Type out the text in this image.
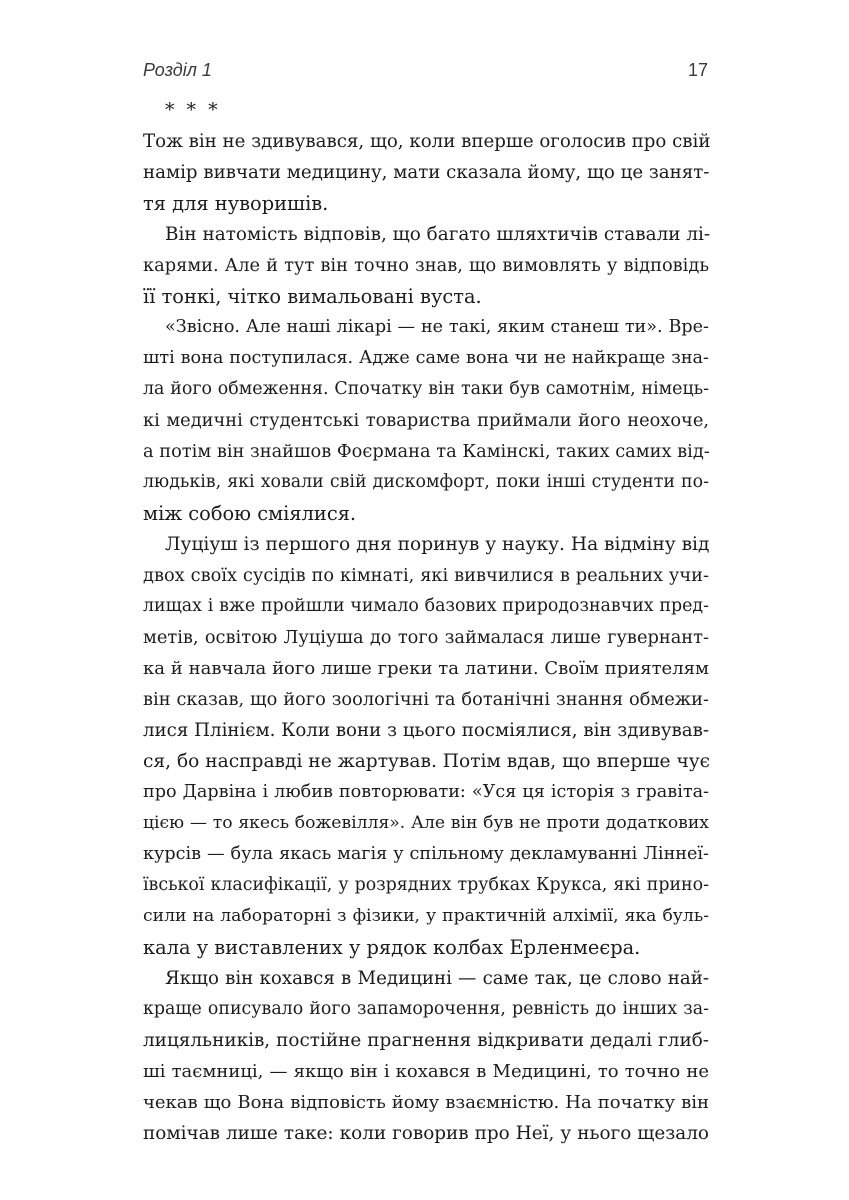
Розділ 1	17
* * *
Тож він не здивувався, що, коли вперше оголосив про свій
намір вивчати медицину, мати сказала йому, що це занят-
тя для нуворишів.
Він натомість відповів, що багато шляхтичів ставали лі-
карями. Але й тут він точно знав, що вимовлять у відповідь
її тонкі, чітко вимальовані вуста.
«Звісно. Але наші лікарі — не такі, яким станеш ти». Вре-
шті вона поступилася. Адже саме вона чи не найкраще зна-
ла його обмеження. Спочатку він таки був самотнім, німець-
кі медичні студентські товариства приймали його неохоче,
а потім він знайшов Фоєрмана та Камінскі, таких самих від-
людьків, які ховали свій дискомфорт, поки інші студенти по-
між собою сміялися.
Луціуш із першого дня поринув у науку. На відміну від
двох своїх сусідів по кімнаті, які вивчилися в реальних учи-
лищах і вже пройшли чимало базових природознавчих пред-
метів, освітою Луціуша до того займалася лише гувернант-
ка й навчала його лише греки та латини. Своїм приятелям
він сказав, що його зоологічні та ботанічні знання обмежи-
лися Плінієм. Коли вони з цього посміялися, він здивував-
ся, бо насправді не жартував. Потім вдав, що вперше чує
про Дарвіна і любив повторювати: «Уся ця історія з гравіта-
цією — то якесь божевілля». Але він був не проти додаткових
курсів — була якась магія у спільному декламуванні Ліннеї-
ївської класифікації, у розрядних трубках Крукса, які прино-
сили на лабораторні з фізики, у практичній алхімії, яка буль-
кала у виставлених у рядок колбах Ерленмеєра.
Якщо він кохався в Медицині — саме так, це слово най-
краще описувало його запаморочення, ревність до інших за-
лицяльників, постійне прагнення відкривати дедалі глиб-
ші таємниці, — якщо він і кохався в Медицині, то точно не
чекав що Вона відповість йому взаємністю. На початку він
помічав лише таке: коли говорив про Неї, у нього щезало
